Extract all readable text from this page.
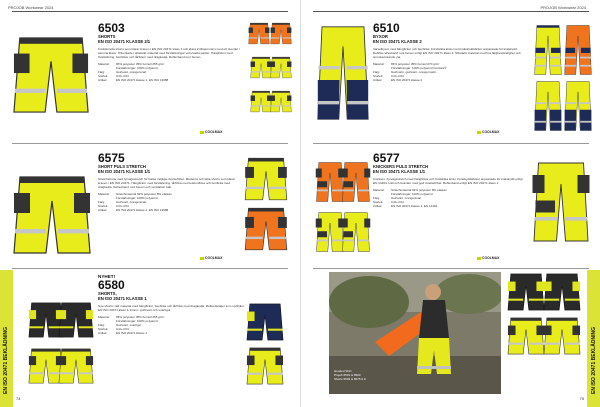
6503
SHORTS
EN ISO 20471 KLASSE 2/1
Funktionella shorts som klarar kraven i EN ISO 20471 klass 1 och klass 2 tillsammans med ett överdel i samma klass. Tillverkade i slitstarkt material med förstärkningar vid utsatta partier. Hängfickor med förstärkning, benfickor och lårfickor med dragkedja. Reflexband runt benen.
Material:	65% polyester 35% bomull 255 g/m²
Förstärkningar: 100% polyamid
Färg:	Gul/svart, orange/svart
Storlek:	C44–C64
Artikel:	EN ISO 20471 klasse 1, EN ISO 13688
COOLMAX
6575
SHORT PULS STRETCH
EN ISO 20471 KLASSE 1/1
Stretchshorts med fyrvägsstretch för bästa möjliga rörelsefrihet. Moderna och lätta shorts som klarar kraven i EN ISO 20471. Hängfickor med förstärkning, lårficka med telefonficka och benficka med dragkedja. Reflexband runt benen och ventilation bak.
Material:	Stretchmaterial 92% polyester 8% elastan
Förstärkningar: 100% polyamid
Färg:	Gul/svart, orange/svart
Storlek:	C44–C64
Artikel:	EN ISO 20471 klasse 1, EN ISO 13688
COOLMAX
EN ISO 20471 BEKLÄDNING
NYHET!
6580
SHORTS,
EN ISO 20471 KLASSE 1
Nya shorts i lätt material med hängfickor, benficka och lårficka med dragkedja. Reflexdetaljer som uppfyller EN ISO 20471 klass 1. Finns i gul/svart och svart/gul.
Material:	65% polyester 35% bomull 255 g/m²
Förstärkningar: 100% polyamid
Färg:	Gul/svart, svart/gul
Storlek:	C44–C64
Artikel:	EN ISO 20471 klasse 1
74
PROJOB Workwear 2024
6510
BYXOR
EN ISO 20471 KLASSE 2
Varselbyxor med hängfickor och benficka. Förstärkta knän med knäskyddsfickor anpassade för knäskydd. Dubbla reflexband runt benen enligt EN ISO 20471 klass 2. Slitstarkt material med bra färgbeständighet och smutsavvisande yta.
Material:	65% polyester 35% bomull 270 g/m²
Förstärkningar: 100% polyamid Cordura®
Färg:	Gul/marin, gul/svart, orange/marin
Storlek:	C44–C64
Artikel:	EN ISO 20471 klasse 2
COOLMAX
6577
KNICKERS PULS STRETCH
EN ISO 20471 KLASSE 1/1
Knickers i fyrvägsstretch med hängfickor och förstärkta knän. Knäskyddsfickor anpassade för knäskydd enligt EN 14404. Lätt och bekväm med god rörelsefrihet. Reflexband enligt EN ISO 20471 klass 1.
Material:	Stretchmaterial 92% polyester 8% elastan
Förstärkningar: 100% polyamid
Färg:	Gul/svart, orange/svart
Storlek:	C44–C64
Artikel:	EN ISO 20471 klasse 1, EN 14404
COOLMAX
Hooded Shirt
Projob 6501 & 6503
Shorts 6503 & 6575 0.9	EN ISO 20471 BEKLÄDNING
75
PROJOB Workwear 2024
